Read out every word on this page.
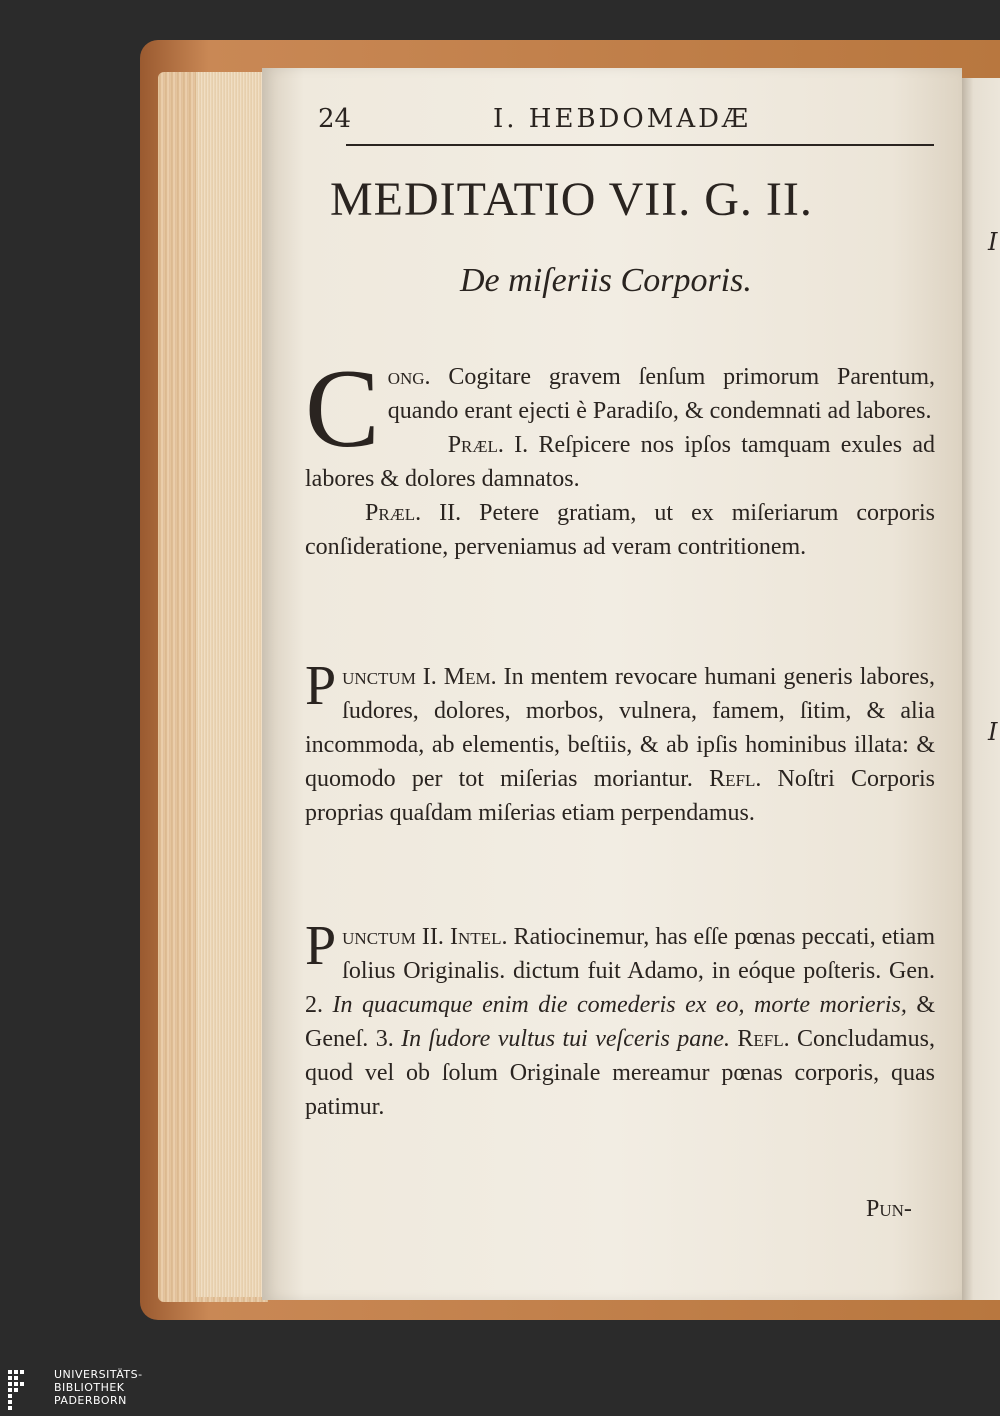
I
I
24	I. HEBDOMADÆ
MEDITATIO VII. G. II.
De miſeriis Corporis.

C ong. Cogitare gravem ſenſum primorum Parentum, quando erant ejecti è Paradiſo, & condemnati ad labores.

Præl. I. Reſpicere nos ipſos tamquam exules ad labores & dolores damnatos.

Præl. II. Petere gratiam, ut ex miſeriarum corporis conſideratione, perveniamus ad veram contritionem.

P unctum I. Mem. In mentem revocare humani generis labores, ſudores, dolores, morbos, vulnera, famem, ſitim, & alia incommoda, ab elementis, beſtiis, & ab ipſis hominibus illata: & quomodo per tot miſerias moriantur. Refl. Noſtri Corporis proprias quaſdam miſerias etiam perpendamus.

P unctum II. Intel. Ratiocinemur, has eſſe pœnas peccati, etiam ſolius Originalis. dictum fuit Adamo, in eóque poſteris. Gen. 2. In quacumque enim die comederis ex eo, morte morieris, & Geneſ. 3. In ſudore vultus tui veſceris pane. Refl. Concludamus, quod vel ob ſolum Originale mereamur pœnas corporis, quas patimur.

Pun-
UNIVERSITÄTS-
BIBLIOTHEK
PADERBORN
